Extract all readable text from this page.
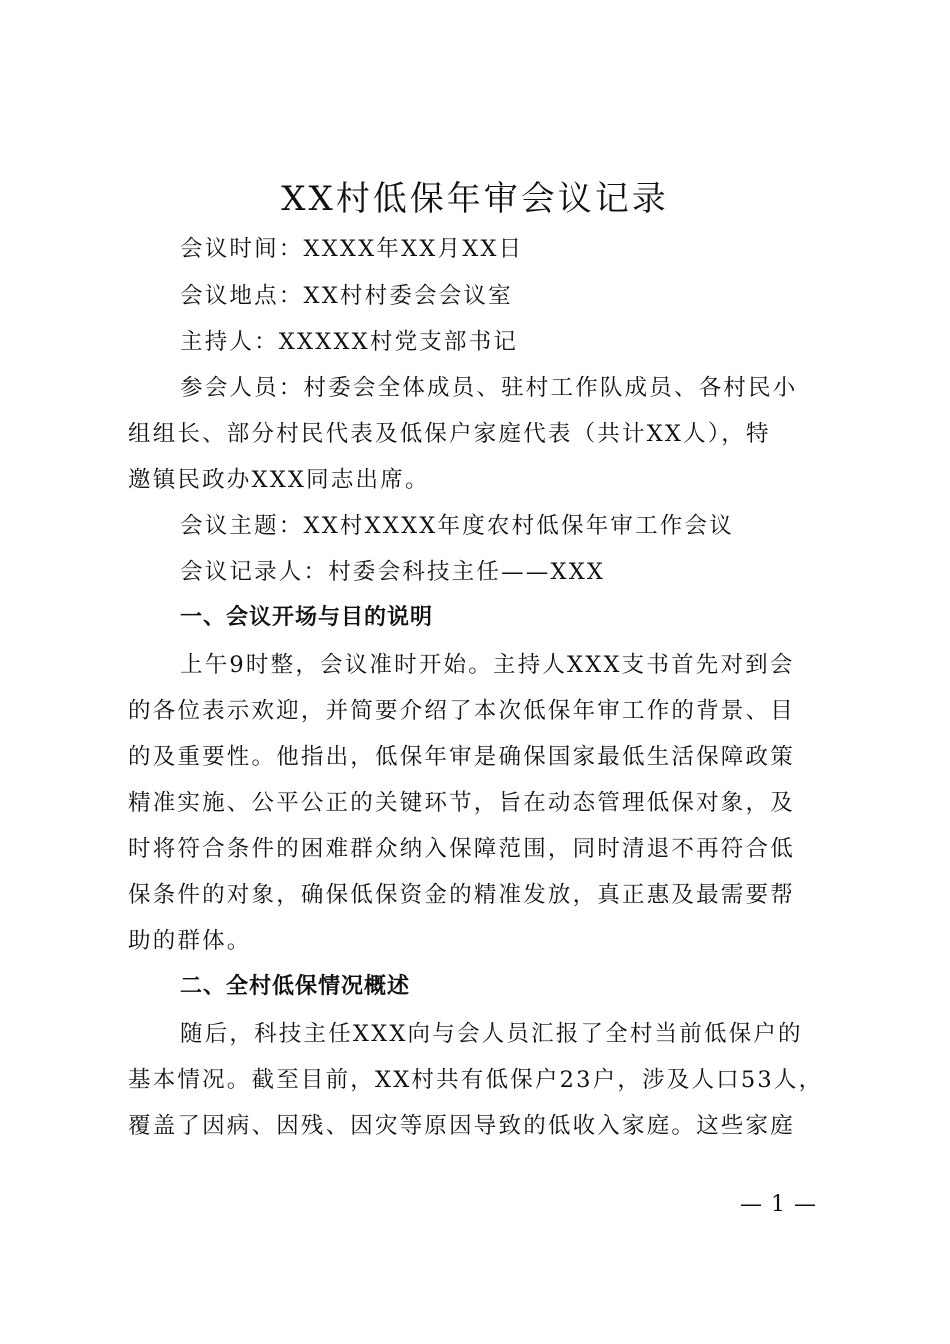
XX村低保年审会议记录
会议时间：XXXX年XX月XX日
会议地点：XX村村委会会议室
主持人：XXXXX村党支部书记
参会人员：村委会全体成员、驻村工作队成员、各村民小
组组长、部分村民代表及低保户家庭代表（共计XX人），特
邀镇民政办XXX同志出席。
会议主题：XX村XXXX年度农村低保年审工作会议
会议记录人：村委会科技主任——XXX
一、会议开场与目的说明
上午9时整，会议准时开始。主持人XXX支书首先对到会
的各位表示欢迎，并简要介绍了本次低保年审工作的背景、目
的及重要性。他指出，低保年审是确保国家最低生活保障政策
精准实施、公平公正的关键环节，旨在动态管理低保对象，及
时将符合条件的困难群众纳入保障范围，同时清退不再符合低
保条件的对象，确保低保资金的精准发放，真正惠及最需要帮
助的群体。
二、全村低保情况概述
随后，科技主任XXX向与会人员汇报了全村当前低保户的
基本情况。截至目前，XX村共有低保户23户，涉及人口53人，
覆盖了因病、因残、因灾等原因导致的低收入家庭。这些家庭
— 1 —
